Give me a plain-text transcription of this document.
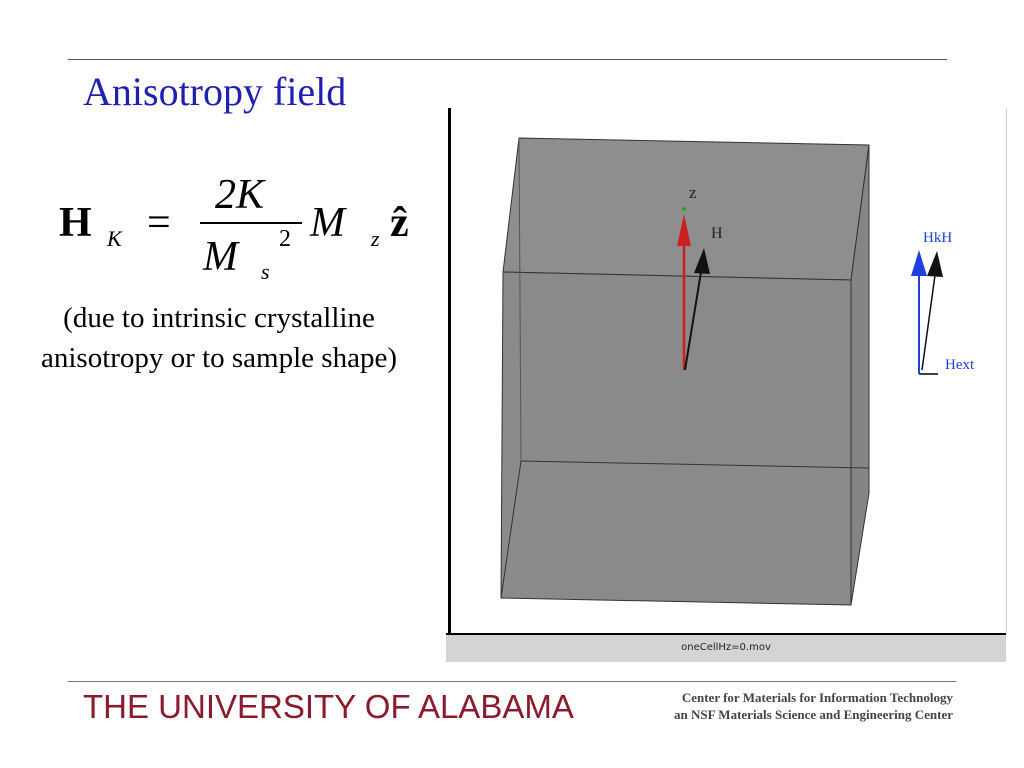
Anisotropy field
H K =
2K
M s
2 M z ẑ
(due to intrinsic crystalline
anisotropy or to sample shape)
z
H	HkH
Hext
oneCellHz=0.mov
THE UNIVERSITY OF ALABAMA	Center for Materials for Information Technology
an NSF Materials Science and Engineering Center
